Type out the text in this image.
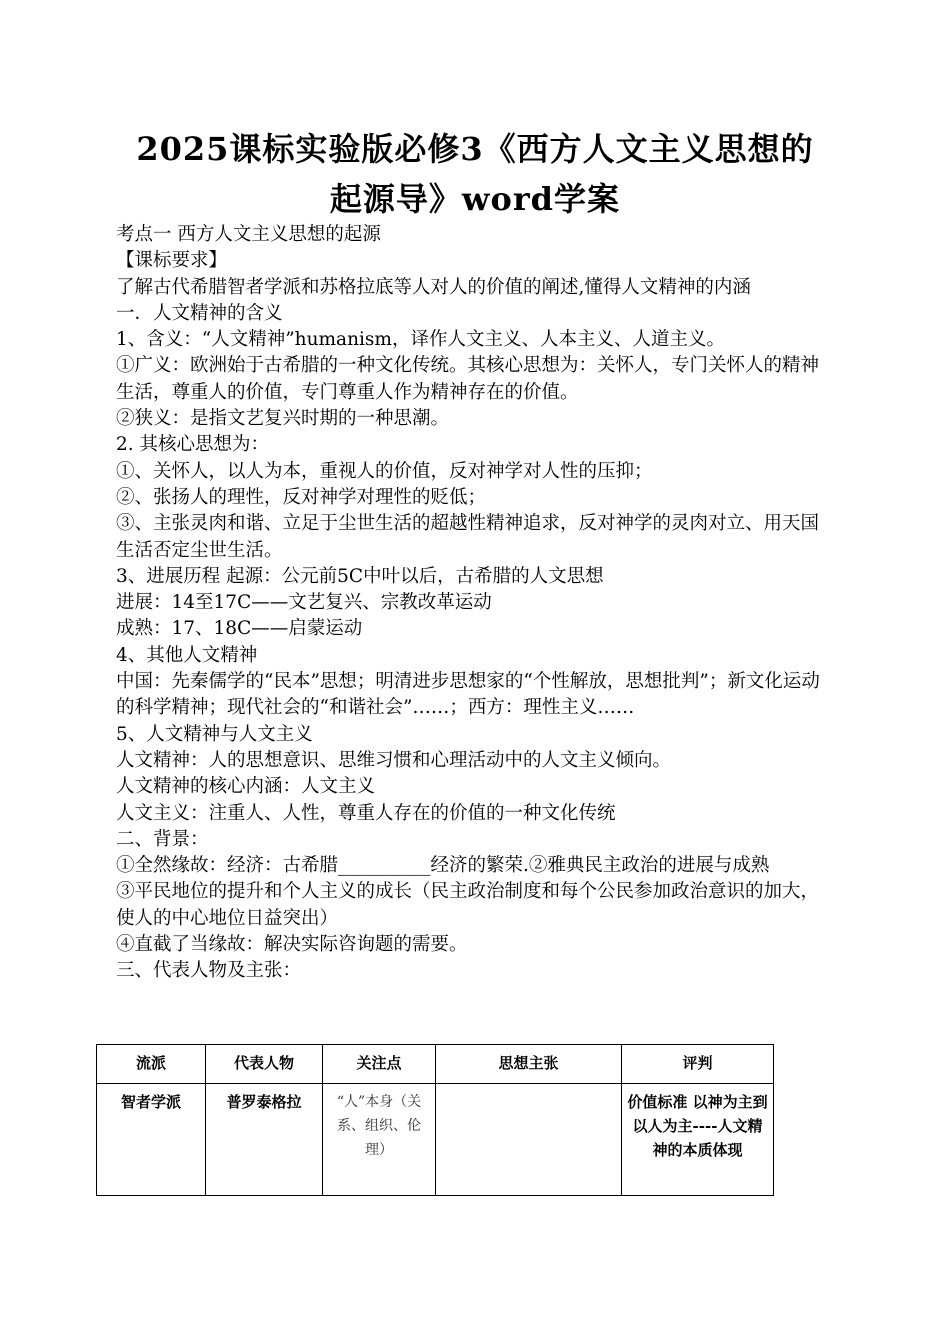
2025课标实验版必修3《西方人文主义思想的
起源导》word学案

考点一 西方人文主义思想的起源

【课标要求】

了解古代希腊智者学派和苏格拉底等人对人的价值的阐述,懂得人文精神的内涵

一．人文精神的含义

1、含义：“人文精神”humanism，译作人文主义、人本主义、人道主义。

①广义：欧洲始于古希腊的一种文化传统。其核心思想为：关怀人，专门关怀人的精神生活，尊重人的价值，专门尊重人作为精神存在的价值。

②狭义：是指文艺复兴时期的一种思潮。

2. 其核心思想为：

①、关怀人，以人为本，重视人的价值，反对神学对人性的压抑；

②、张扬人的理性，反对神学对理性的贬低；

③、主张灵肉和谐、立足于尘世生活的超越性精神追求，反对神学的灵肉对立、用天国生活否定尘世生活。

3、进展历程 起源：公元前5C中叶以后，古希腊的人文思想

进展：14至17C——文艺复兴、宗教改革运动

成熟：17、18C——启蒙运动

4、其他人文精神

中国：先秦儒学的“民本”思想；明清进步思想家的“个性解放，思想批判”；新文化运动的科学精神；现代社会的“和谐社会”……；西方：理性主义……

5、人文精神与人文主义

人文精神：人的思想意识、思维习惯和心理活动中的人文主义倾向。

人文精神的核心内涵：人文主义

人文主义：注重人、人性，尊重人存在的价值的一种文化传统

二、背景：

①全然缘故：经济：古希腊__________经济的繁荣.②雅典民主政治的进展与成熟

③平民地位的提升和个人主义的成长（民主政治制度和每个公民参加政治意识的加大，使人的中心地位日益突出）

④直截了当缘故：解决实际咨询题的需要。

三、代表人物及主张：

流派	代表人物	关注点	思想主张	评判
智者学派	普罗泰格拉	“人”本身（关系、组织、伦理）		价值标准 以神为主到以人为主----人文精神的本质体现
